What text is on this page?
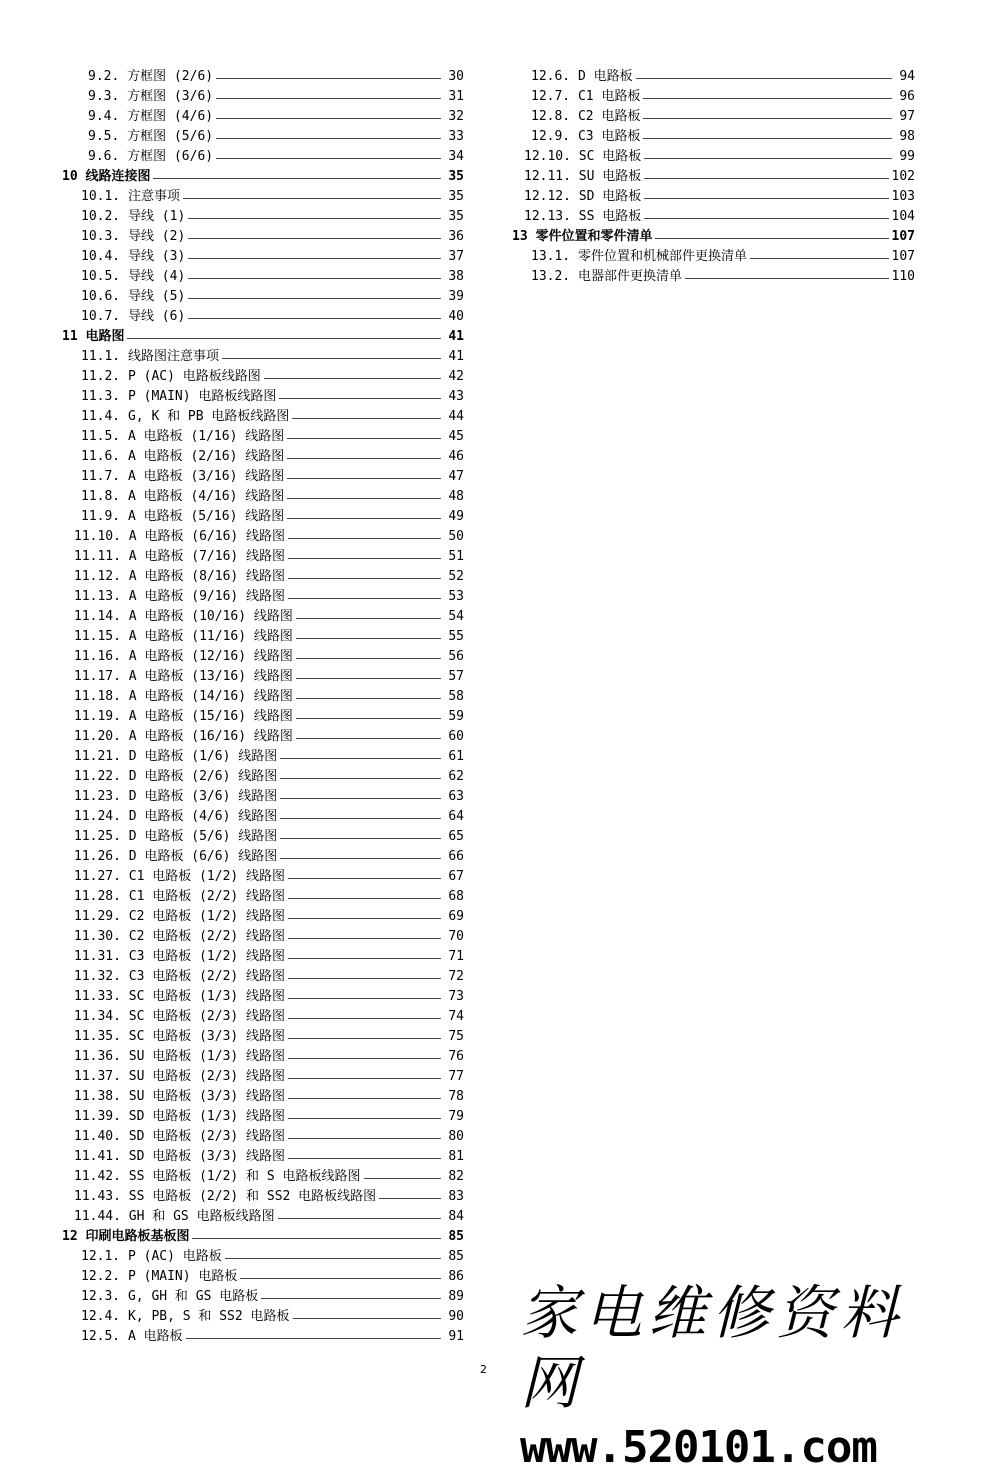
9.2. 方框图 (2/6)	30
9.3. 方框图 (3/6)	31
9.4. 方框图 (4/6)	32
9.5. 方框图 (5/6)	33
9.6. 方框图 (6/6)	34
10 线路连接图	35
10.1. 注意事项	35
10.2. 导线 (1)	35
10.3. 导线 (2)	36
10.4. 导线 (3)	37
10.5. 导线 (4)	38
10.6. 导线 (5)	39
10.7. 导线 (6)	40
11 电路图	41
11.1. 线路图注意事项	41
11.2. P (AC) 电路板线路图	42
11.3. P (MAIN) 电路板线路图	43
11.4. G, K 和 PB 电路板线路图	44
11.5. A 电路板 (1/16) 线路图	45
11.6. A 电路板 (2/16) 线路图	46
11.7. A 电路板 (3/16) 线路图	47
11.8. A 电路板 (4/16) 线路图	48
11.9. A 电路板 (5/16) 线路图	49
11.10. A 电路板 (6/16) 线路图	50
11.11. A 电路板 (7/16) 线路图	51
11.12. A 电路板 (8/16) 线路图	52
11.13. A 电路板 (9/16) 线路图	53
11.14. A 电路板 (10/16) 线路图	54
11.15. A 电路板 (11/16) 线路图	55
11.16. A 电路板 (12/16) 线路图	56
11.17. A 电路板 (13/16) 线路图	57
11.18. A 电路板 (14/16) 线路图	58
11.19. A 电路板 (15/16) 线路图	59
11.20. A 电路板 (16/16) 线路图	60
11.21. D 电路板 (1/6) 线路图	61
11.22. D 电路板 (2/6) 线路图	62
11.23. D 电路板 (3/6) 线路图	63
11.24. D 电路板 (4/6) 线路图	64
11.25. D 电路板 (5/6) 线路图	65
11.26. D 电路板 (6/6) 线路图	66
11.27. C1 电路板 (1/2) 线路图	67
11.28. C1 电路板 (2/2) 线路图	68
11.29. C2 电路板 (1/2) 线路图	69
11.30. C2 电路板 (2/2) 线路图	70
11.31. C3 电路板 (1/2) 线路图	71
11.32. C3 电路板 (2/2) 线路图	72
11.33. SC 电路板 (1/3) 线路图	73
11.34. SC 电路板 (2/3) 线路图	74
11.35. SC 电路板 (3/3) 线路图	75
11.36. SU 电路板 (1/3) 线路图	76
11.37. SU 电路板 (2/3) 线路图	77
11.38. SU 电路板 (3/3) 线路图	78
11.39. SD 电路板 (1/3) 线路图	79
11.40. SD 电路板 (2/3) 线路图	80
11.41. SD 电路板 (3/3) 线路图	81
11.42. SS 电路板 (1/2) 和 S 电路板线路图	82
11.43. SS 电路板 (2/2) 和 SS2 电路板线路图	83
11.44. GH 和 GS 电路板线路图	84
12 印刷电路板基板图	85
12.1. P (AC) 电路板	85
12.2. P (MAIN) 电路板	86
12.3. G, GH 和 GS 电路板	89
12.4. K, PB, S 和 SS2 电路板	90
12.5. A 电路板	91
12.6. D 电路板	94
12.7. C1 电路板	96
12.8. C2 电路板	97
12.9. C3 电路板	98
12.10. SC 电路板	99
12.11. SU 电路板	102
12.12. SD 电路板	103
12.13. SS 电路板	104
13 零件位置和零件清单	107
13.1. 零件位置和机械部件更换清单	107
13.2. 电器部件更换清单	110
2
家电维修资料网
www.520101.com
